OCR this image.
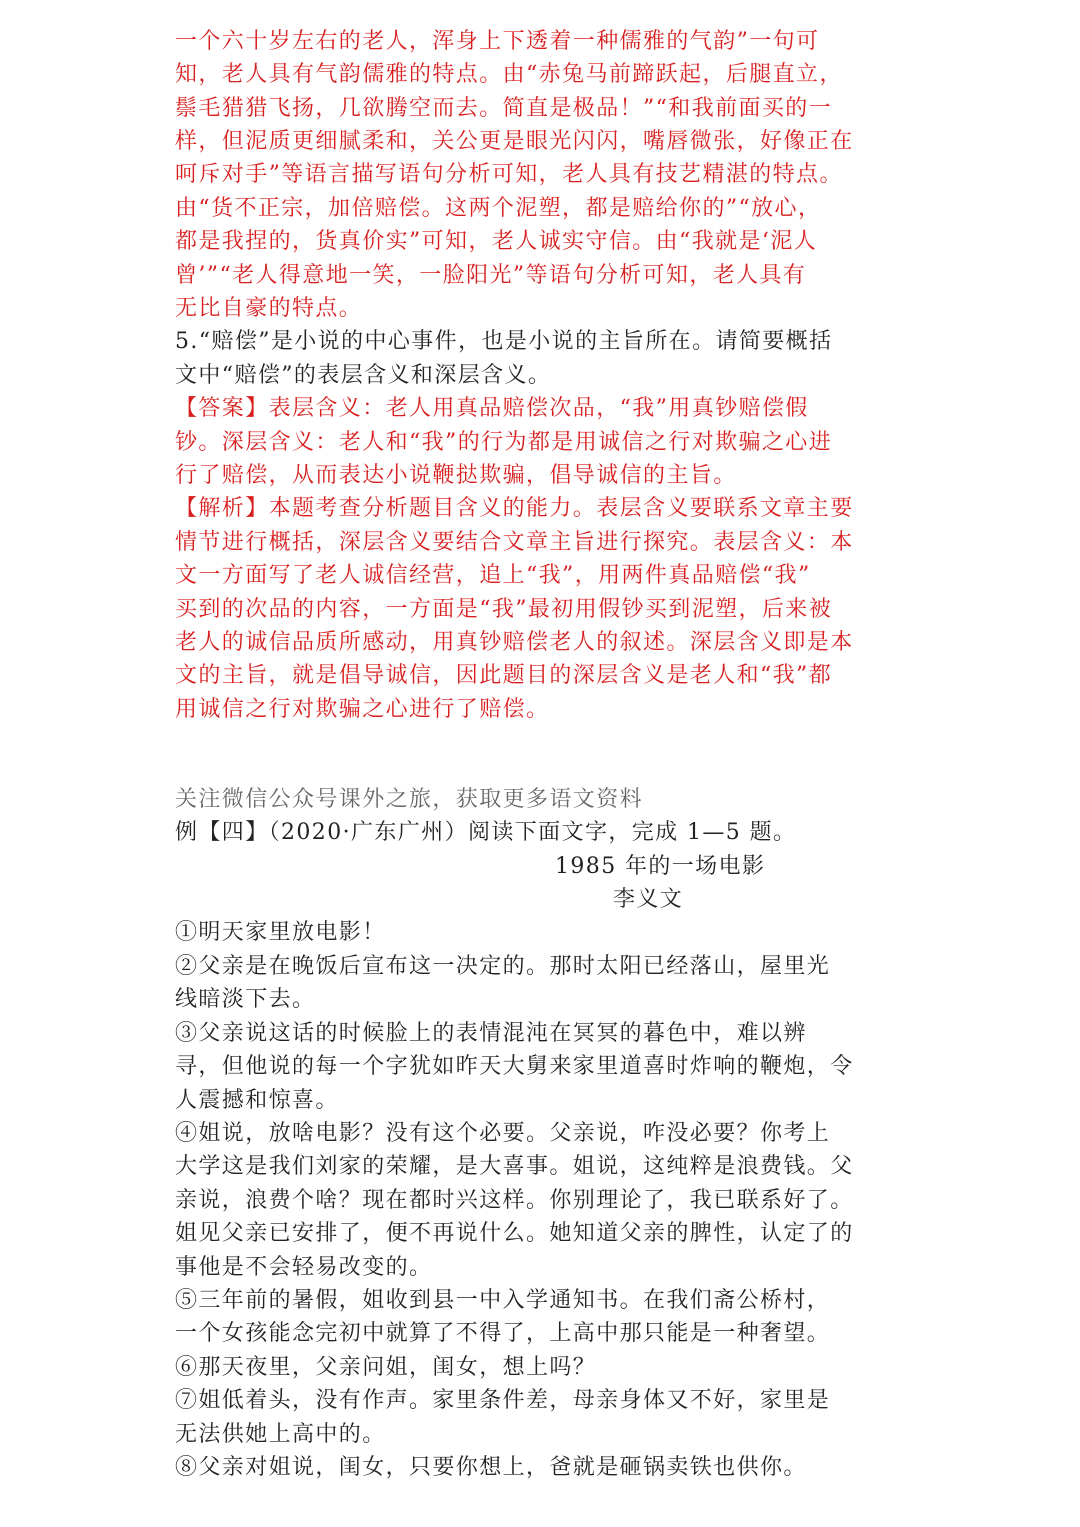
一个六十岁左右的老人，浑身上下透着一种儒雅的气韵”一句可

知，老人具有气韵儒雅的特点。由“赤兔马前蹄跃起，后腿直立，

鬃毛猎猎飞扬，几欲腾空而去。简直是极品！”“和我前面买的一

样，但泥质更细腻柔和，关公更是眼光闪闪，嘴唇微张，好像正在

呵斥对手”等语言描写语句分析可知，老人具有技艺精湛的特点。

由“货不正宗，加倍赔偿。这两个泥塑，都是赔给你的”“放心，

都是我捏的，货真价实”可知，老人诚实守信。由“我就是‘泥人

曾’”“老人得意地一笑，一脸阳光”等语句分析可知，老人具有

无比自豪的特点。

5.“赔偿”是小说的中心事件，也是小说的主旨所在。请简要概括

文中“赔偿”的表层含义和深层含义。

【答案】表层含义：老人用真品赔偿次品，“我”用真钞赔偿假

钞。深层含义：老人和“我”的行为都是用诚信之行对欺骗之心进

行了赔偿，从而表达小说鞭挞欺骗，倡导诚信的主旨。

【解析】本题考查分析题目含义的能力。表层含义要联系文章主要

情节进行概括，深层含义要结合文章主旨进行探究。表层含义：本

文一方面写了老人诚信经营，追上“我”，用两件真品赔偿“我”

买到的次品的内容，一方面是“我”最初用假钞买到泥塑，后来被

老人的诚信品质所感动，用真钞赔偿老人的叙述。深层含义即是本

文的主旨，就是倡导诚信，因此题目的深层含义是老人和“我”都

用诚信之行对欺骗之心进行了赔偿。

关注微信公众号课外之旅，获取更多语文资料

例【四】（2020·广东广州）阅读下面文字，完成 1—5 题。

1985 年的一场电影

李义文

①明天家里放电影！

②父亲是在晚饭后宣布这一决定的。那时太阳已经落山，屋里光

线暗淡下去。

③父亲说这话的时候脸上的表情混沌在冥冥的暮色中，难以辨

寻，但他说的每一个字犹如昨天大舅来家里道喜时炸响的鞭炮，令

人震撼和惊喜。

④姐说，放啥电影？没有这个必要。父亲说，咋没必要？你考上

大学这是我们刘家的荣耀，是大喜事。姐说，这纯粹是浪费钱。父

亲说，浪费个啥？现在都时兴这样。你别理论了，我已联系好了。

姐见父亲已安排了，便不再说什么。她知道父亲的脾性，认定了的

事他是不会轻易改变的。

⑤三年前的暑假，姐收到县一中入学通知书。在我们斋公桥村，

一个女孩能念完初中就算了不得了，上高中那只能是一种奢望。

⑥那天夜里，父亲问姐，闺女，想上吗？

⑦姐低着头，没有作声。家里条件差，母亲身体又不好，家里是

无法供她上高中的。

⑧父亲对姐说，闺女，只要你想上，爸就是砸锅卖铁也供你。
